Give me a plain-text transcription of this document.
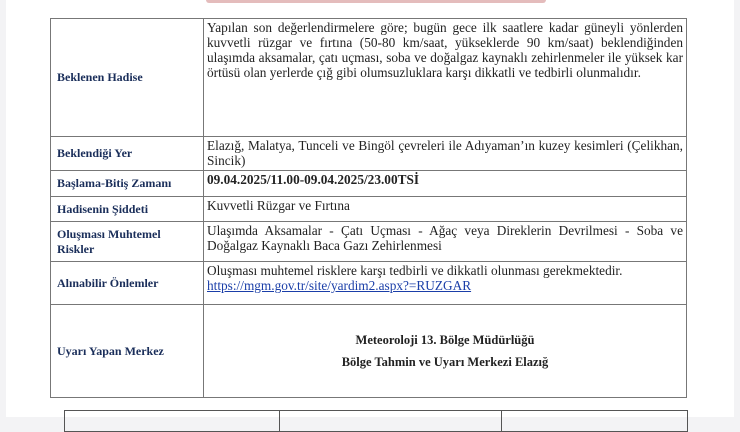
Beklenen Hadise	Yapılan son değerlendirmelere göre; bugün gece ilk saatlere kadar güneyli yönlerden kuvvetli rüzgar ve fırtına (50-80 km/saat, yükseklerde 90 km/saat) beklendiğinden ulaşımda aksamalar, çatı uçması, soba ve doğalgaz kaynaklı zehirlenmeler ile yüksek kar örtüsü olan yerlerde çığ gibi olumsuzluklara karşı dikkatli ve tedbirli olunmalıdır.
Beklendiği Yer	Elazığ, Malatya, Tunceli ve Bingöl çevreleri ile Adıyaman’ın kuzey kesimleri (Çelikhan, Sincik)
Başlama-Bitiş Zamanı	09.04.2025/11.00-09.04.2025/23.00TSİ
Hadisenin Şiddeti	Kuvvetli Rüzgar ve Fırtına
Oluşması Muhtemel Riskler	Ulaşımda Aksamalar - Çatı Uçması - Ağaç veya Direklerin Devrilmesi - Soba ve Doğalgaz Kaynaklı Baca Gazı Zehirlenmesi
Alınabilir Önlemler	Oluşması muhtemel risklere karşı tedbirli ve dikkatli olunması gerekmektedir.
https://mgm.gov.tr/site/yardim2.aspx?=RUZGAR
Uyarı Yapan Merkez	Meteoroloji 13. Bölge Müdürlüğü
Bölge Tahmin ve Uyarı Merkezi Elazığ
